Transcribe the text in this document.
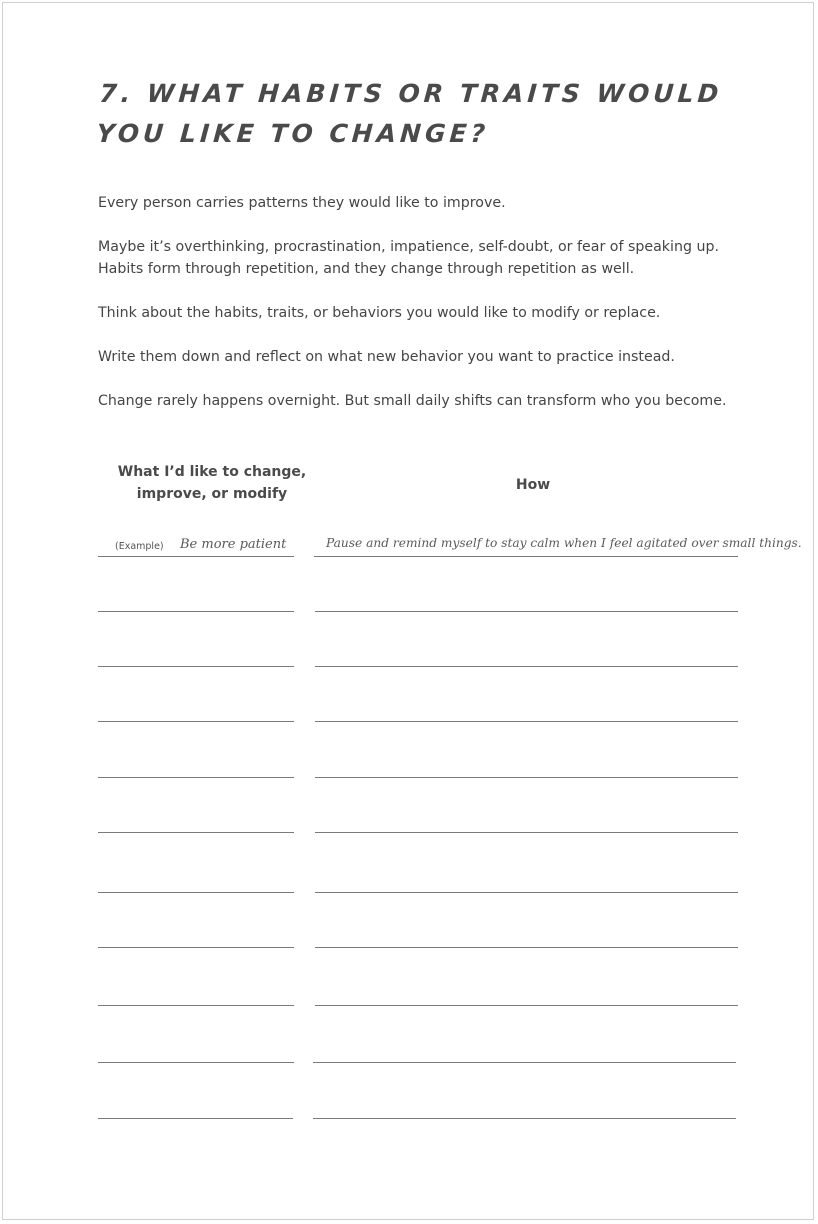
7. WHAT HABITS OR TRAITS WOULD YOU LIKE TO CHANGE?

Every person carries patterns they would like to improve.

Maybe it’s overthinking, procrastination, impatience, self-doubt, or fear of speaking up. Habits form through repetition, and they change through repetition as well.

Think about the habits, traits, or behaviors you would like to modify or replace.

Write them down and reflect on what new behavior you want to practice instead.

Change rarely happens overnight. But small daily shifts can transform who you become.

What I’d like to change, improve, or modify
How
(Example) Be more patient	Pause and remind myself to stay calm when I feel agitated over small things.
